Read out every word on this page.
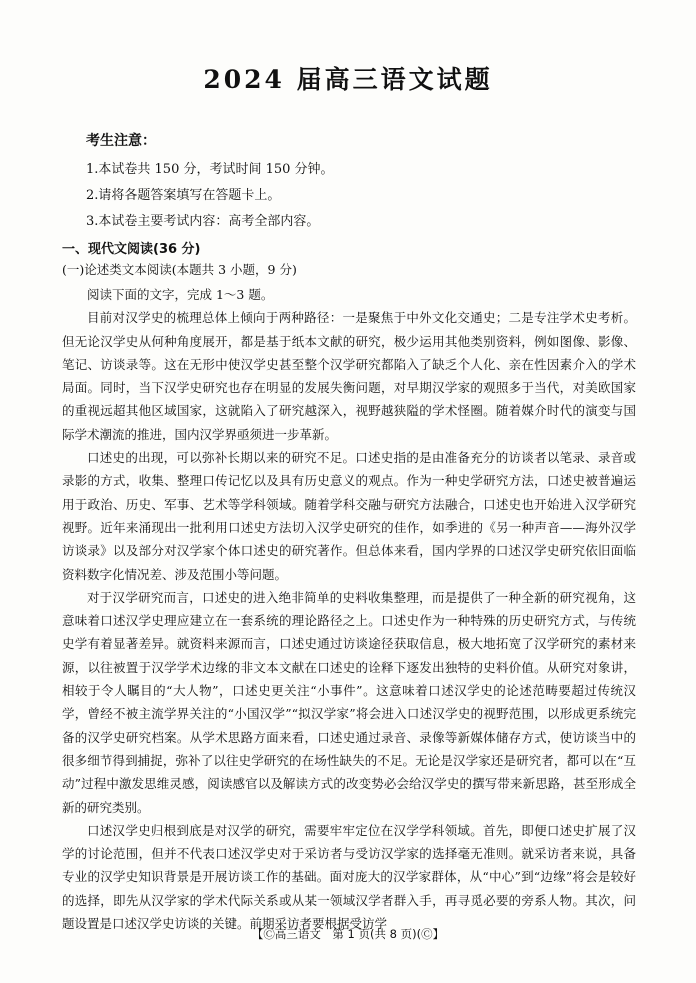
2024 届高三语文试题
考生注意：
1.本试卷共 150 分，考试时间 150 分钟。
2.请将各题答案填写在答题卡上。
3.本试卷主要考试内容：高考全部内容。
一、现代文阅读(36 分)
(一)论述类文本阅读(本题共 3 小题，9 分)

阅读下面的文字，完成 1～3 题。

目前对汉学史的梳理总体上倾向于两种路径：一是聚焦于中外文化交通史；二是专注学术史考析。但无论汉学史从何种角度展开，都是基于纸本文献的研究，极少运用其他类别资料，例如图像、影像、笔记、访谈录等。这在无形中使汉学史甚至整个汉学研究都陷入了缺乏个人化、亲在性因素介入的学术局面。同时，当下汉学史研究也存在明显的发展失衡问题，对早期汉学家的观照多于当代，对美欧国家的重视远超其他区域国家，这就陷入了研究越深入，视野越狭隘的学术怪圈。随着媒介时代的演变与国际学术潮流的推进，国内汉学界亟须进一步革新。

口述史的出现，可以弥补长期以来的研究不足。口述史指的是由准备充分的访谈者以笔录、录音或录影的方式，收集、整理口传记忆以及具有历史意义的观点。作为一种史学研究方法，口述史被普遍运用于政治、历史、军事、艺术等学科领域。随着学科交融与研究方法融合，口述史也开始进入汉学研究视野。近年来涌现出一批利用口述史方法切入汉学史研究的佳作，如季进的《另一种声音——海外汉学访谈录》以及部分对汉学家个体口述史的研究著作。但总体来看，国内学界的口述汉学史研究依旧面临资料数字化情况差、涉及范围小等问题。

对于汉学研究而言，口述史的进入绝非简单的史料收集整理，而是提供了一种全新的研究视角，这意味着口述汉学史理应建立在一套系统的理论路径之上。口述史作为一种特殊的历史研究方式，与传统史学有着显著差异。就资料来源而言，口述史通过访谈途径获取信息，极大地拓宽了汉学研究的素材来源，以往被置于汉学学术边缘的非文本文献在口述史的诠释下逐发出独特的史料价值。从研究对象讲，相较于令人瞩目的“大人物”，口述史更关注“小事件”。这意味着口述汉学史的论述范畴要超过传统汉学，曾经不被主流学界关注的“小国汉学”“拟汉学家”将会进入口述汉学史的视野范围，以形成更系统完备的汉学史研究档案。从学术思路方面来看，口述史通过录音、录像等新媒体储存方式，使访谈当中的很多细节得到捕捉，弥补了以往史学研究的在场性缺失的不足。无论是汉学家还是研究者，都可以在“互动”过程中激发思维灵感，阅读感官以及解读方式的改变势必会给汉学史的撰写带来新思路，甚至形成全新的研究类别。

口述汉学史归根到底是对汉学的研究，需要牢牢定位在汉学学科领域。首先，即便口述史扩展了汉学的讨论范围，但并不代表口述汉学史对于采访者与受访汉学家的选择毫无准则。就采访者来说，具备专业的汉学史知识背景是开展访谈工作的基础。面对庞大的汉学家群体，从“中心”到“边缘”将会是较好的选择，即先从汉学家的学术代际关系或从某一领域汉学者群入手，再寻觅必要的旁系人物。其次，问题设置是口述汉学史访谈的关键。前期采访者要根据受访学

【Ⓒ高三语文　第 1 页(共 8 页)(Ⓒ】
